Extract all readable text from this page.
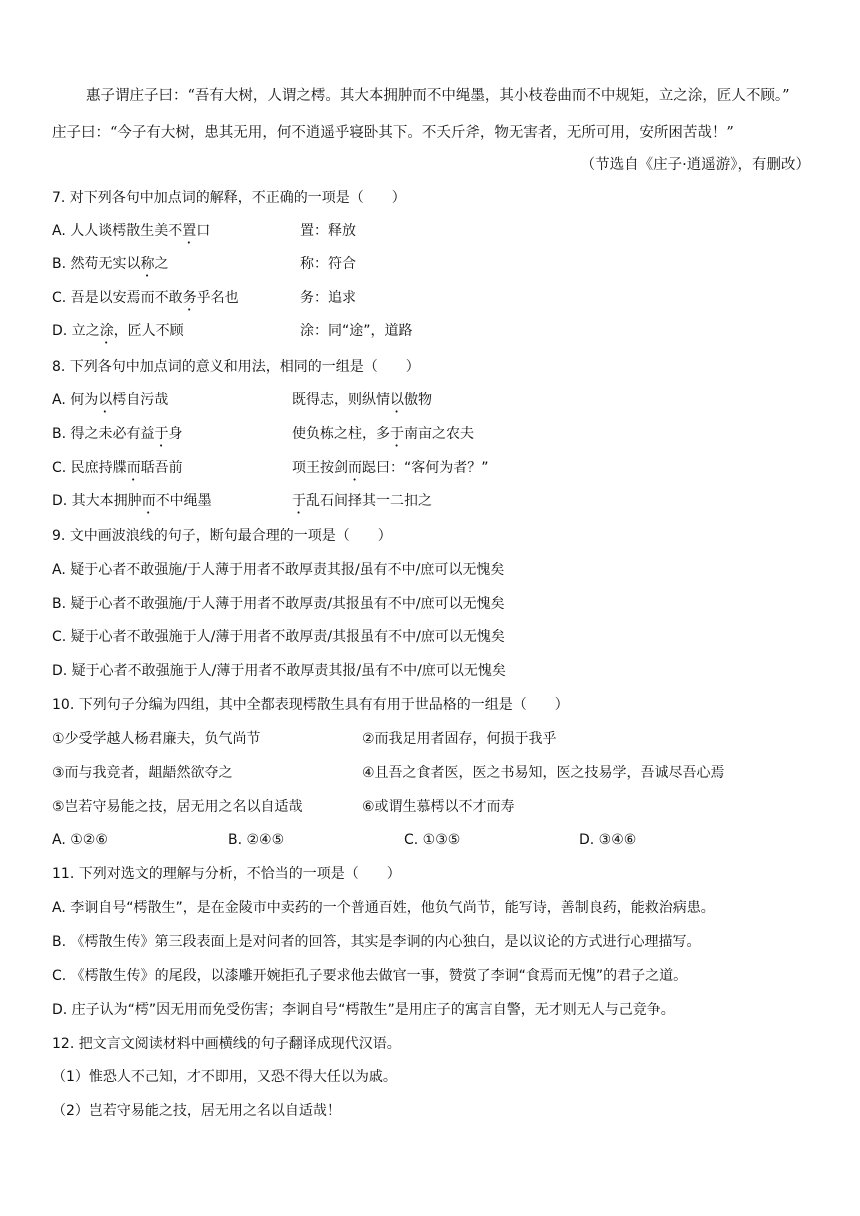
惠子谓庄子曰：“吾有大树，人谓之樗。其大本拥肿而不中绳墨，其小枝卷曲而不中规矩，立之涂，匠人不顾。”
庄子曰：“今子有大树，患其无用，何不逍遥乎寝卧其下。不夭斤斧，物无害者，无所可用，安所困苦哉！”
（节选自《庄子·逍遥游》，有删改）
7. 对下列各句中加点词的解释，不正确的一项是（　　）
A. 人人谈樗散生美不置口	置：释放
B. 然苟无实以称之	称：符合
C. 吾是以安焉而不敢务乎名也	务：追求
D. 立之涂，匠人不顾	涂：同“途”，道路
8. 下列各句中加点词的意义和用法，相同的一组是（　　）
A. 何为以樗自污哉	既得志，则纵情以傲物
B. 得之未必有益于身	使负栋之柱，多于南亩之农夫
C. 民庶持牒而聒吾前	项王按剑而跽曰：“客何为者？”
D. 其大本拥肿而不中绳墨	于乱石间择其一二扣之
9. 文中画波浪线的句子，断句最合理的一项是（　　）
A. 疑于心者不敢强施/于人薄于用者不敢厚责其报/虽有不中/庶可以无愧矣
B. 疑于心者不敢强施/于人薄于用者不敢厚责/其报虽有不中/庶可以无愧矣
C. 疑于心者不敢强施于人/薄于用者不敢厚责/其报虽有不中/庶可以无愧矣
D. 疑于心者不敢强施于人/薄于用者不敢厚责其报/虽有不中/庶可以无愧矣
10. 下列句子分编为四组，其中全都表现樗散生具有有用于世品格的一组是（　　）
①少受学越人杨君廉夫，负气尚节	②而我足用者固存，何损于我乎
③而与我竞者，龃龉然欲夺之	④且吾之食者医，医之书易知，医之技易学，吾诚尽吾心焉
⑤岂若守易能之技，居无用之名以自适哉	⑥或谓生慕樗以不才而寿
A. ①②⑥	B. ②④⑤	C. ①③⑤	D. ③④⑥
11. 下列对选文的理解与分析，不恰当的一项是（　　）
A. 李诇自号“樗散生”，是在金陵市中卖药的一个普通百姓，他负气尚节，能写诗，善制良药，能救治病患。
B. 《樗散生传》第三段表面上是对问者的回答，其实是李诇的内心独白，是以议论的方式进行心理描写。
C. 《樗散生传》的尾段，以漆雕开婉拒孔子要求他去做官一事，赞赏了李诇“食焉而无愧”的君子之道。
D. 庄子认为“樗”因无用而免受伤害；李诇自号“樗散生”是用庄子的寓言自警，无才则无人与己竞争。
12. 把文言文阅读材料中画横线的句子翻译成现代汉语。
（1）惟恐人不己知，才不即用，又恐不得大任以为戚。
（2）岂若守易能之技，居无用之名以自适哉！
